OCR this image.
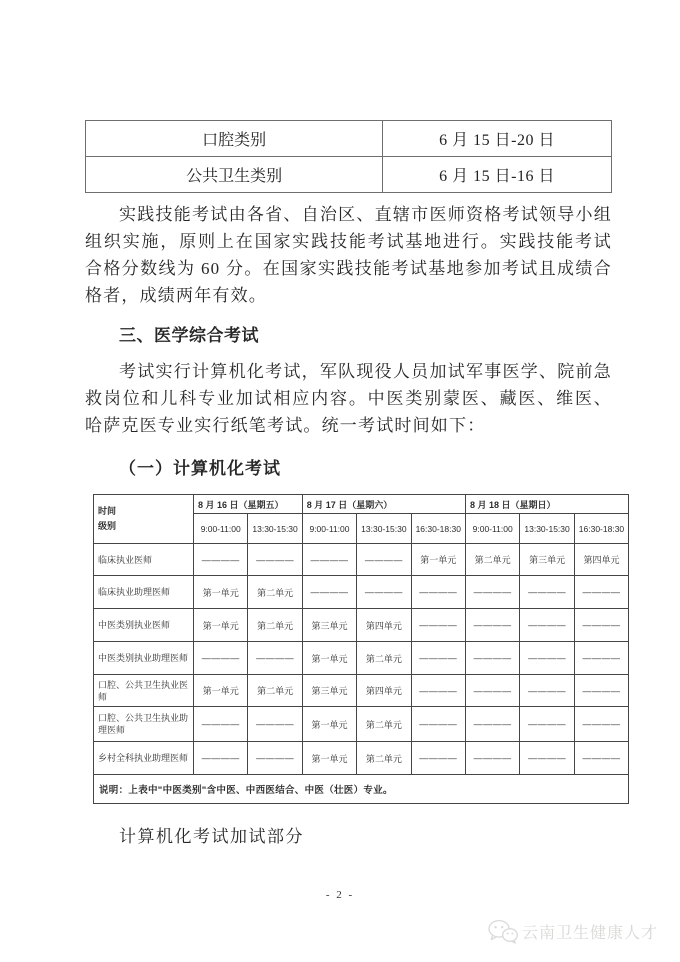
口腔类别	6 月 15 日-20 日
公共卫生类别	6 月 15 日-16 日

实践技能考试由各省、自治区、直辖市医师资格考试领导小组组织实施，原则上在国家实践技能考试基地进行。实践技能考试合格分数线为 60 分。在国家实践技能考试基地参加考试且成绩合格者，成绩两年有效。

三、医学综合考试

考试实行计算机化考试，军队现役人员加试军事医学、院前急救岗位和儿科专业加试相应内容。中医类别蒙医、藏医、维医、哈萨克医专业实行纸笔考试。统一考试时间如下：

（一）计算机化考试
时间
级别	8 月 16 日（星期五）		8 月 17 日（星期六）			8 月 18 日（星期日）		
	9:00-11:00	13:30-15:30	9:00-11:00	13:30-15:30	16:30-18:30	9:00-11:00	13:30-15:30	16:30-18:30
临床执业医师	————	————	————	————	第一单元	第二单元	第三单元	第四单元
临床执业助理医师	第一单元	第二单元	————	————	————	————	————	————
中医类别执业医师	第一单元	第二单元	第三单元	第四单元	————	————	————	————
中医类别执业助理医师	————	————	第一单元	第二单元	————	————	————	————
口腔、公共卫生执业医师	第一单元	第二单元	第三单元	第四单元	————	————	————	————
口腔、公共卫生执业助理医师	————	————	第一单元	第二单元	————	————	————	————
乡村全科执业助理医师	————	————	第一单元	第二单元	————	————	————	————
说明：上表中"中医类别"含中医、中西医结合、中医（壮医）专业。								

计算机化考试加试部分

- 2 -
云南卫生健康人才
